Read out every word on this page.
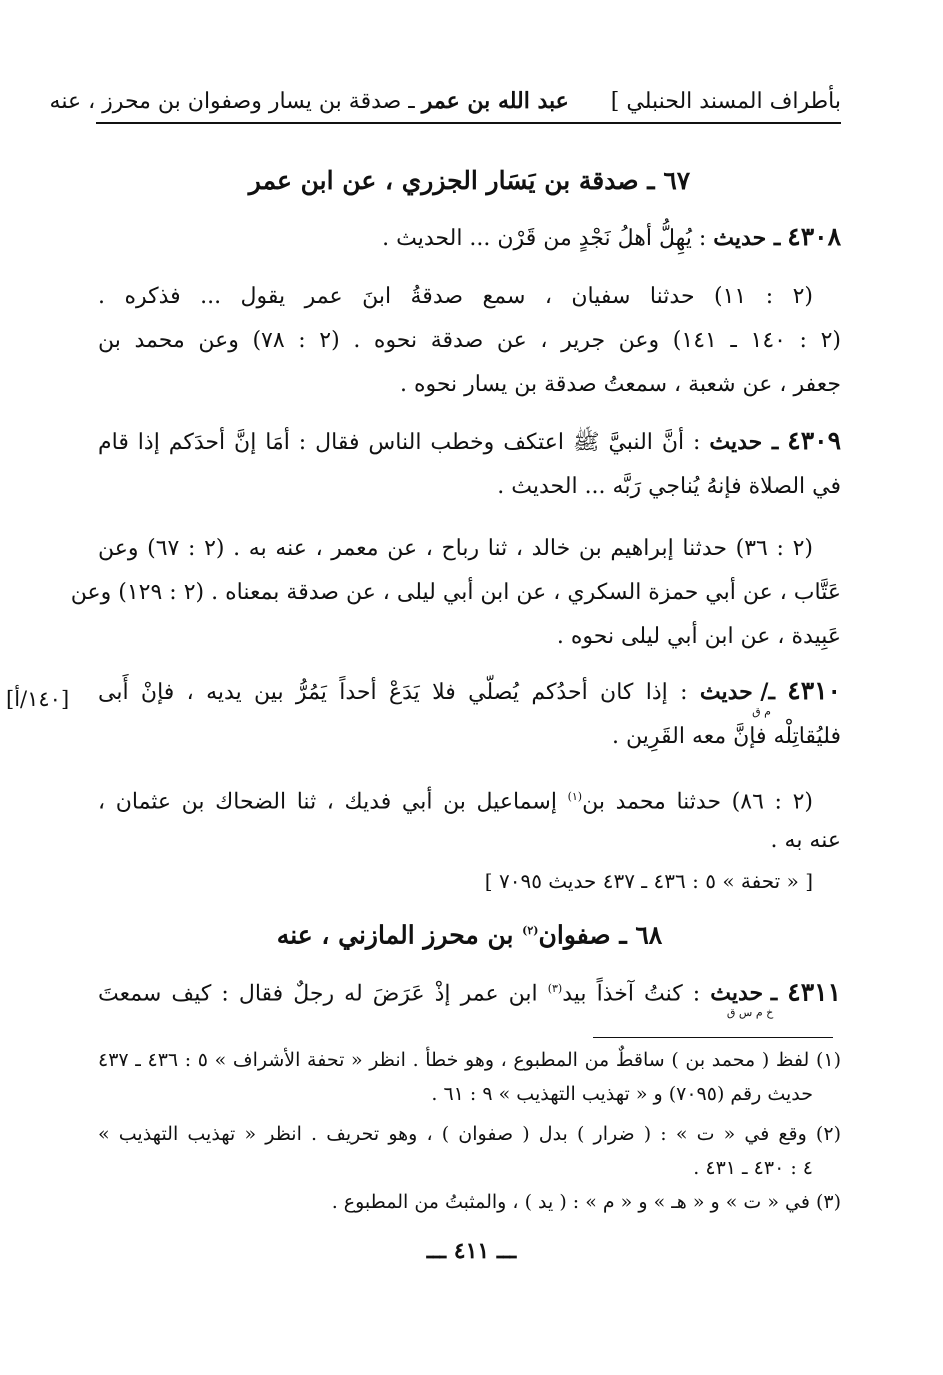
بأطراف المسند الحنبلي ]      عبد الله بن عمر ـ صدقة بن يسار وصفوان بن محرز ، عنه
٦٧ ـ صدقة بن يَسَار الجزري ، عن ابن عمر
٤٣٠٨ ـ حديث : يُهِلُّ أهلُ نَجْدٍ من قَرْن ... الحديث .
(٢ : ١١) حدثنا سفيان ، سمع صدقةُ ابنَ عمر يقول ... فذكره .
(٢ : ١٤٠ ـ ١٤١) وعن جرير ، عن صدقة نحوه . (٢ : ٧٨) وعن محمد بن
جعفر ، عن شعبة ، سمعتُ صدقة بن يسار نحوه .
٤٣٠٩ ـ حديث : أنَّ النبيَّ ﷺ اعتكف وخطب الناس فقال : أمَا إنَّ أحدَكم إذا قام
في الصلاة فإنهُ يُناجي رَبَّه ... الحديث .
(٢ : ٣٦) حدثنا إبراهيم بن خالد ، ثنا رباح ، عن معمر ، عنه به . (٢ : ٦٧) وعن
عَتَّاب ، عن أبي حمزة السكري ، عن ابن أبي ليلى ، عن صدقة بمعناه . (٢ : ١٢٩) وعن
عَبِيدة ، عن ابن أبي ليلى نحوه .
٤٣١٠ ـ/ حديث
م ق
: إذا كان أحدُكم يُصلّي فلا يَدَعْ أحداً يَمُرُّ بين يديه ، فإنْ أَبى
[١٤٠/أ]
فليُقاتِلْه فإنَّ معه القَرِين .
(٢ : ٨٦) حدثنا محمد بن$^{(١)}$ إسماعيل بن أبي فديك ، ثنا الضحاك بن عثمان ،
عنه به .
[ « تحفة » ٥ : ٤٣٦ ـ ٤٣٧ حديث ٧٠٩٥ ]
٦٨ ـ صفوان$^{(٢)}$ بن محرز المازني ، عنه
٤٣١١ ـ حديث
خ م س ق
: كنتُ آخذاً بيد$^{(٣)}$ ابن عمر إذْ عَرَضَ له رجلٌ فقال : كيف سمعتَ
(١) لفظ ( محمد بن ) ساقطٌ من المطبوع ، وهو خطأ . انظر « تحفة الأشراف » ٥ : ٤٣٦ ـ ٤٣٧
حديث رقم (٧٠٩٥) و « تهذيب التهذيب » ٩ : ٦١ .
(٢) وقع في « ت » : ( ضرار ) بدل ( صفوان ) ، وهو تحريف . انظر « تهذيب التهذيب »
٤ : ٤٣٠ ـ ٤٣١ .
(٣) في « ت » و « هـ » و « م » : ( يد ) ، والمثبتُ من المطبوع .
ـــ ٤١١ ـــ
